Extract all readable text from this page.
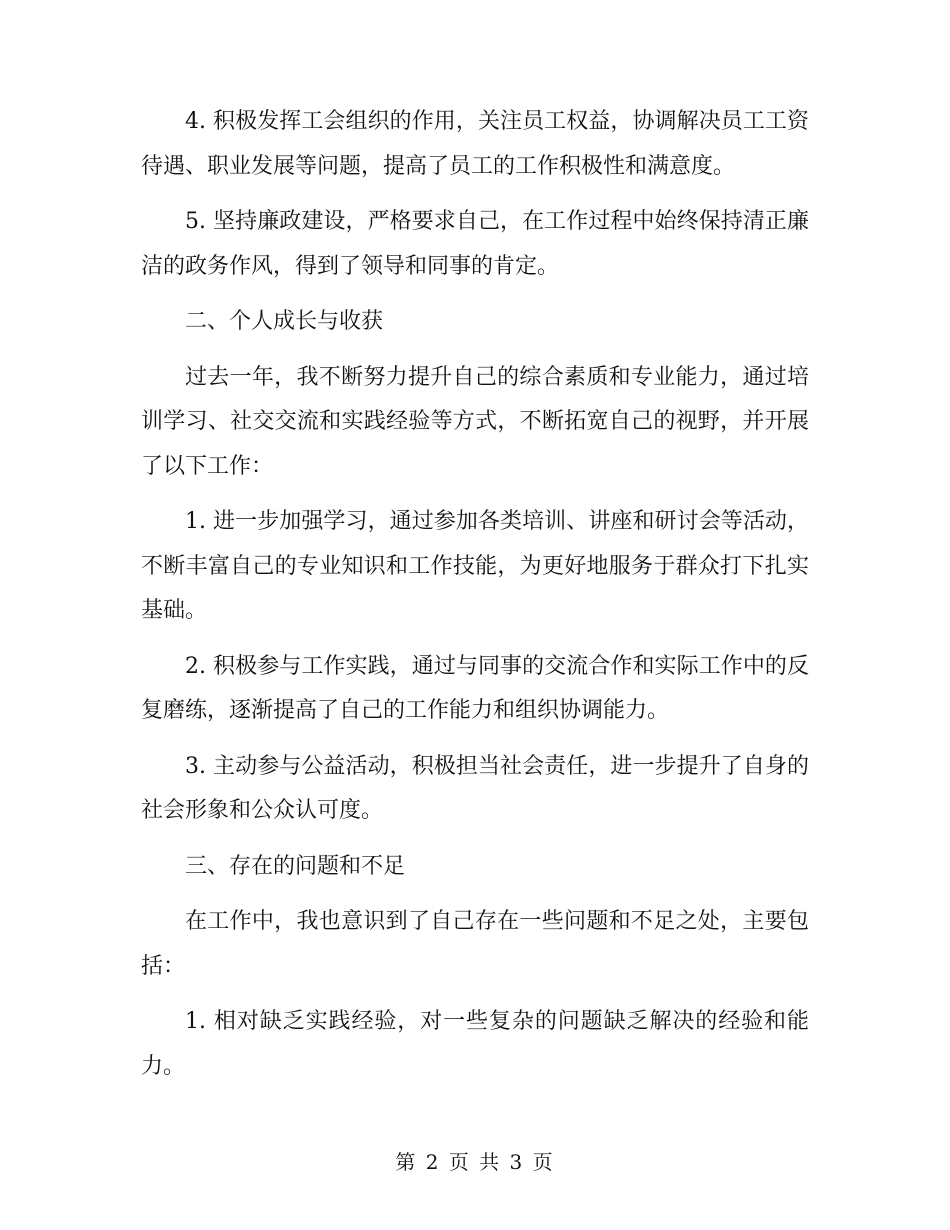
4. 积极发挥工会组织的作用，关注员工权益，协调解决员工工资待遇、职业发展等问题，提高了员工的工作积极性和满意度。

5. 坚持廉政建设，严格要求自己，在工作过程中始终保持清正廉洁的政务作风，得到了领导和同事的肯定。

二、个人成长与收获

过去一年，我不断努力提升自己的综合素质和专业能力，通过培训学习、社交交流和实践经验等方式，不断拓宽自己的视野，并开展了以下工作：

1. 进一步加强学习，通过参加各类培训、讲座和研讨会等活动，不断丰富自己的专业知识和工作技能，为更好地服务于群众打下扎实基础。

2. 积极参与工作实践，通过与同事的交流合作和实际工作中的反复磨练，逐渐提高了自己的工作能力和组织协调能力。

3. 主动参与公益活动，积极担当社会责任，进一步提升了自身的社会形象和公众认可度。

三、存在的问题和不足

在工作中，我也意识到了自己存在一些问题和不足之处，主要包括：

1. 相对缺乏实践经验，对一些复杂的问题缺乏解决的经验和能力。

第 2 页 共 3 页
